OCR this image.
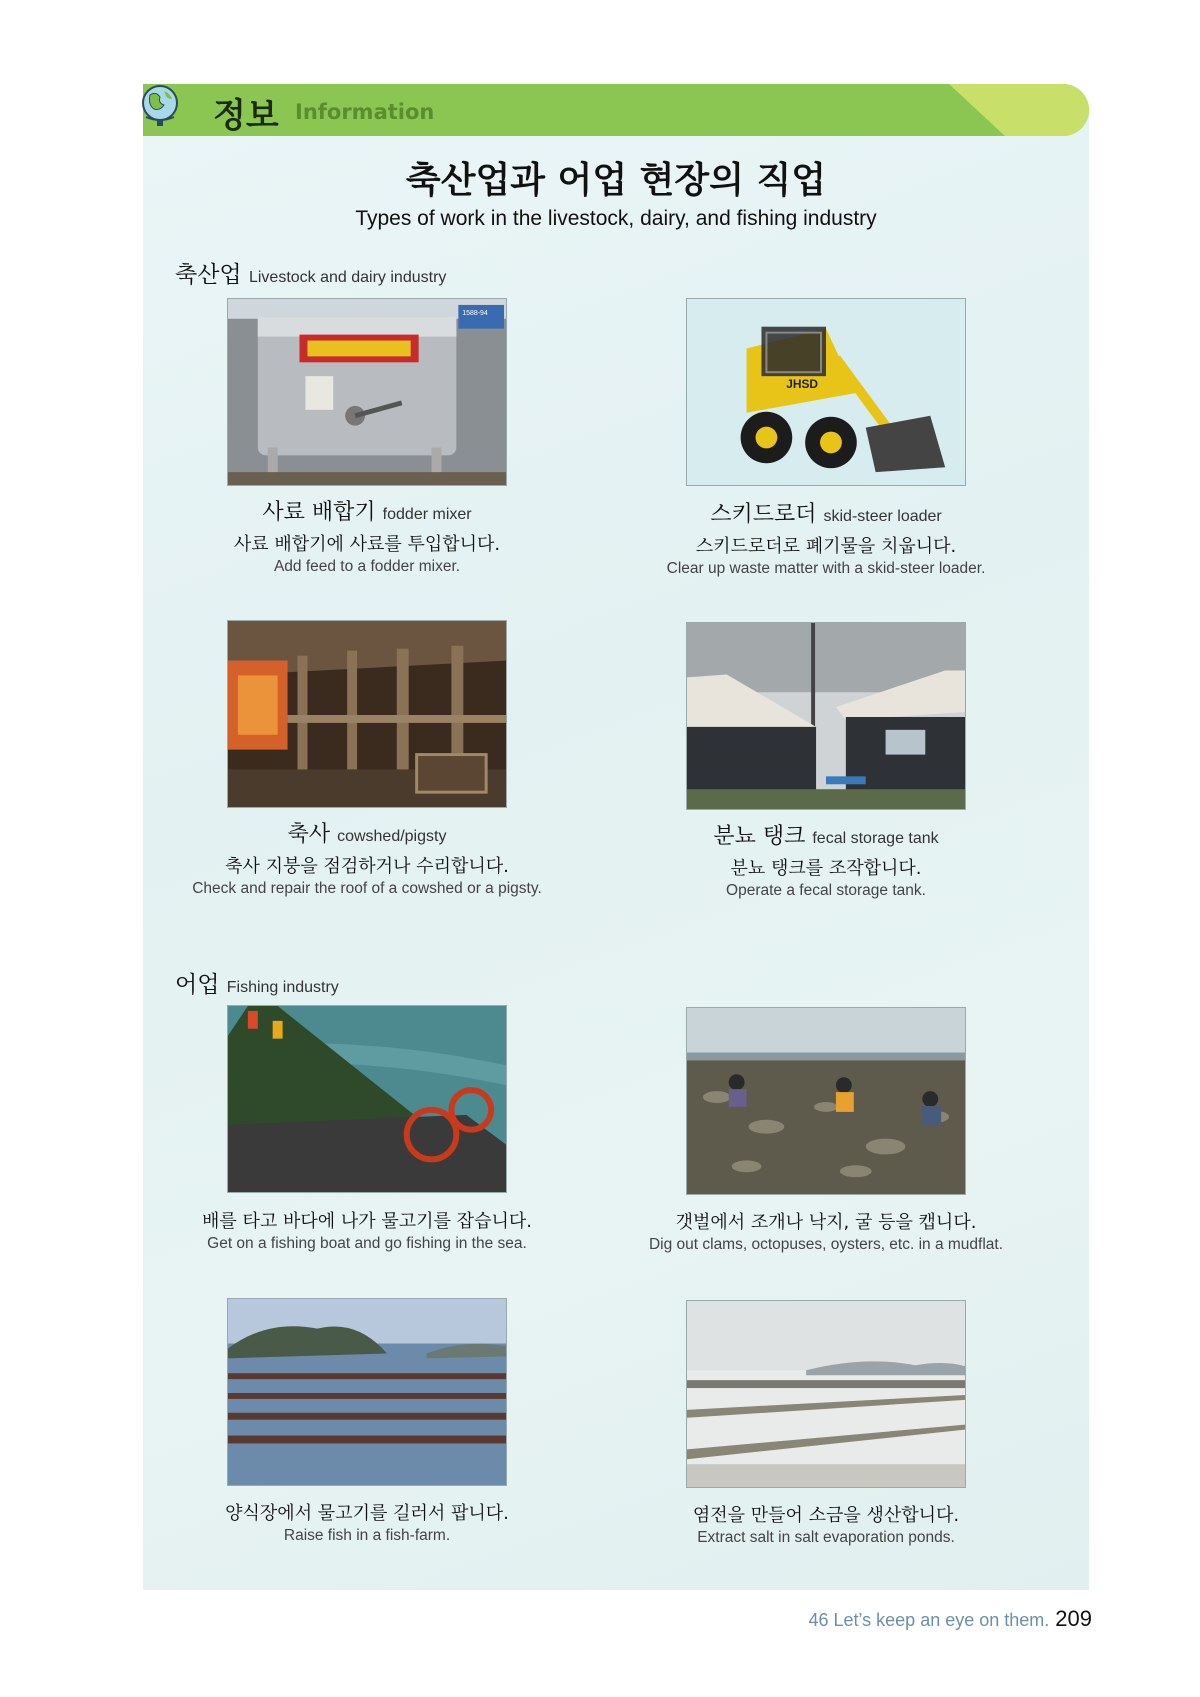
정보 Information
축산업과 어업 현장의 직업
Types of work in the livestock, dairy, and fishing industry
축산업 Livestock and dairy industry
어업 Fishing industry
1588-94
JHSD
사료 배합기 fodder mixer
사료 배합기에 사료를 투입합니다.
Add feed to a fodder mixer.
스키드로더 skid-steer loader
스키드로더로 폐기물을 치웁니다.
Clear up waste matter with a skid-steer loader.
축사 cowshed/pigsty
축사 지붕을 점검하거나 수리합니다.
Check and repair the roof of a cowshed or a pigsty.
분뇨 탱크 fecal storage tank
분뇨 탱크를 조작합니다.
Operate a fecal storage tank.
배를 타고 바다에 나가 물고기를 잡습니다.
Get on a fishing boat and go fishing in the sea.
갯벌에서 조개나 낙지, 굴 등을 캡니다.
Dig out clams, octopuses, oysters, etc. in a mudflat.
양식장에서 물고기를 길러서 팝니다.
Raise fish in a fish-farm.
염전을 만들어 소금을 생산합니다.
Extract salt in salt evaporation ponds.
46 Let’s keep an eye on them. 209
